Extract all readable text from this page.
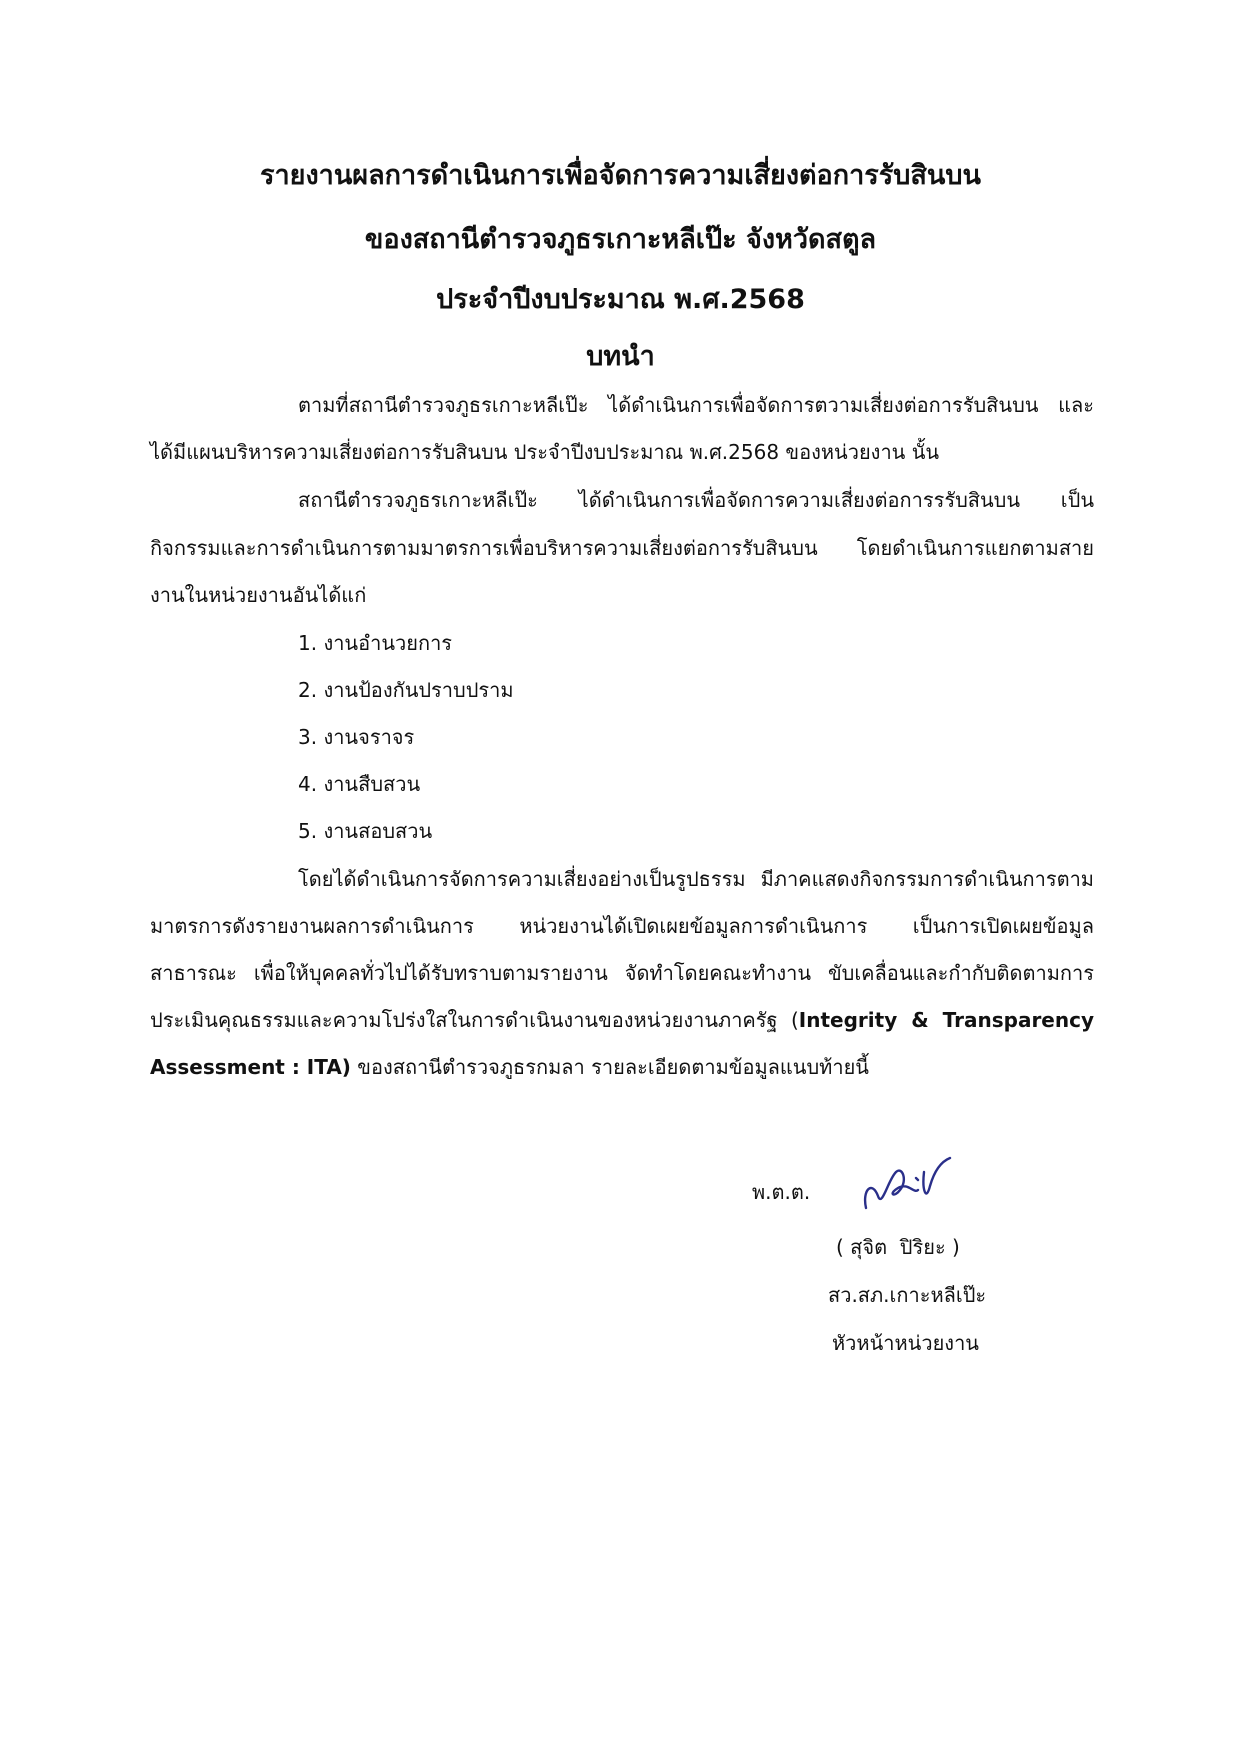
รายงานผลการดำเนินการเพื่อจัดการความเสี่ยงต่อการรับสินบน
ของสถานีตำรวจภูธรเกาะหลีเป๊ะ จังหวัดสตูล
ประจำปีงบประมาณ พ.ศ.2568
บทนำ
ตามที่สถานีตำรวจภูธรเกาะหลีเป๊ะ ได้ดำเนินการเพื่อจัดการตวามเสี่ยงต่อการรับสินบน และ
ได้มีแผนบริหารความเสี่ยงต่อการรับสินบน ประจำปีงบประมาณ พ.ศ.2568 ของหน่วยงาน นั้น
สถานีตำรวจภูธรเกาะหลีเป๊ะ ได้ดำเนินการเพื่อจัดการความเสี่ยงต่อการรรับสินบน เป็น
กิจกรรมและการดำเนินการตามมาตรการเพื่อบริหารความเสี่ยงต่อการรับสินบน โดยดำเนินการแยกตามสาย
งานในหน่วยงานอันได้แก่
1. งานอำนวยการ
2. งานป้องกันปราบปราม
3. งานจราจร
4. งานสืบสวน
5. งานสอบสวน
โดยได้ดำเนินการจัดการความเสี่ยงอย่างเป็นรูปธรรม มีภาคแสดงกิจกรรมการดำเนินการตาม
มาตรการดังรายงานผลการดำเนินการ หน่วยงานได้เปิดเผยข้อมูลการดำเนินการ เป็นการเปิดเผยข้อมูล
สาธารณะ เพื่อให้บุคคลทั่วไปได้รับทราบตามรายงาน จัดทำโดยคณะทำงาน ขับเคลื่อนและกำกับติดตามการ
ประเมินคุณธรรมและความโปร่งใสในการดำเนินงานของหน่วยงานภาครัฐ (Integrity & Transparency
Assessment : ITA) ของสถานีตำรวจภูธรกมลา รายละเอียดตามข้อมูลแนบท้ายนี้
พ.ต.ต.
( สุจิต  ปิริยะ )
สว.สภ.เกาะหลีเป๊ะ
หัวหน้าหน่วยงาน
